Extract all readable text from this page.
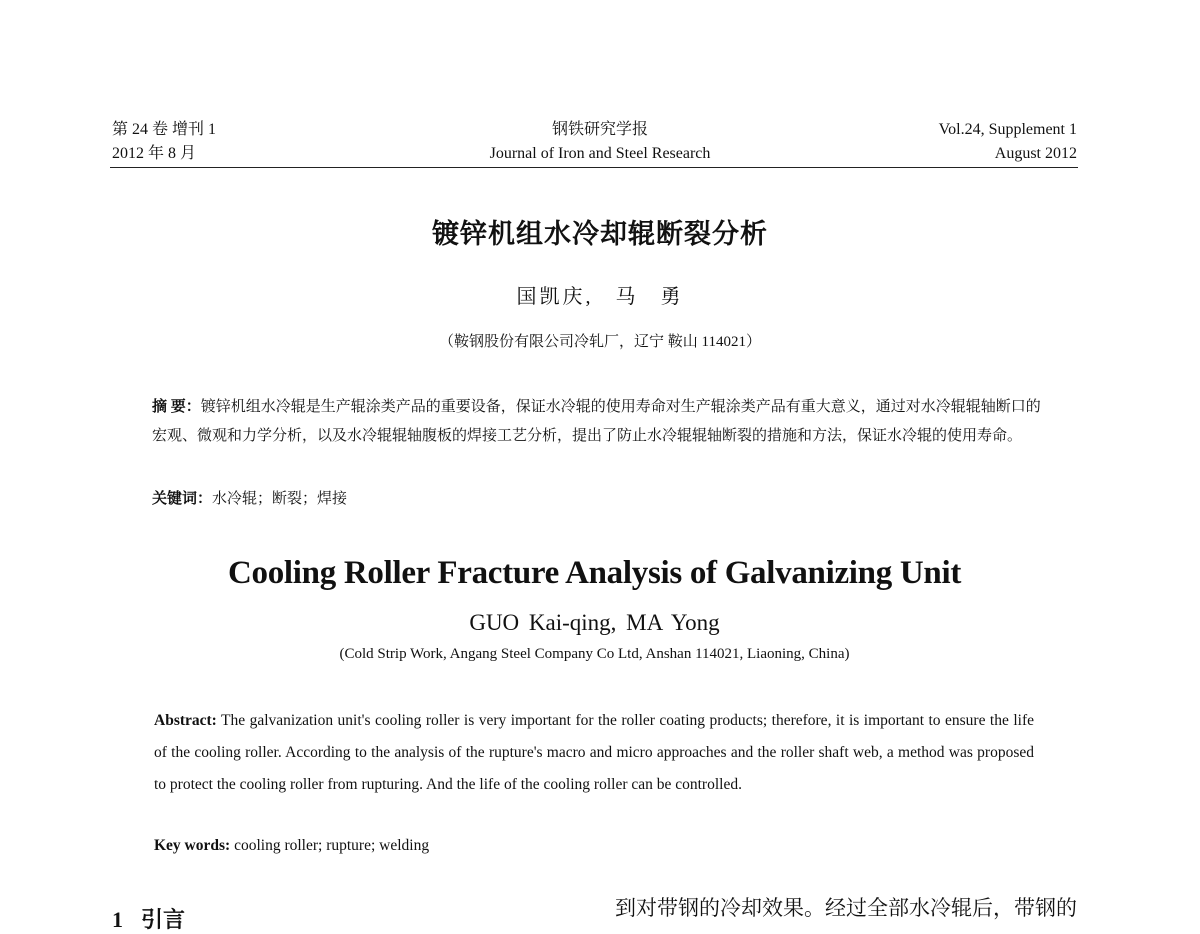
第 24 卷 增刊 1
2012 年 8 月
钢铁研究学报
Journal of Iron and Steel Research
Vol.24, Supplement 1
August 2012
镀锌机组水冷却辊断裂分析
国凯庆, 马 勇
（鞍钢股份有限公司冷轧厂，辽宁 鞍山 114021）
摘 要：镀锌机组水冷辊是生产辊涂类产品的重要设备，保证水冷辊的使用寿命对生产辊涂类产品有重大意义，通过对水冷辊辊轴断口的宏观、微观和力学分析，以及水冷辊辊轴腹板的焊接工艺分析，提出了防止水冷辊辊轴断裂的措施和方法，保证水冷辊的使用寿命。
关键词：水冷辊；断裂；焊接
Cooling Roller Fracture Analysis of Galvanizing Unit
GUO Kai-qing, MA Yong
(Cold Strip Work, Angang Steel Company Co Ltd, Anshan 114021, Liaoning, China)
Abstract: The galvanization unit's cooling roller is very important for the roller coating products; therefore, it is important to ensure the life of the cooling roller. According to the analysis of the rupture's macro and micro approaches and the roller shaft web, a method was proposed to protect the cooling roller from rupturing. And the life of the cooling roller can be controlled.
Key words: cooling roller; rupture; welding
1 引言	到对带钢的冷却效果。经过全部水冷辊后，带钢的
